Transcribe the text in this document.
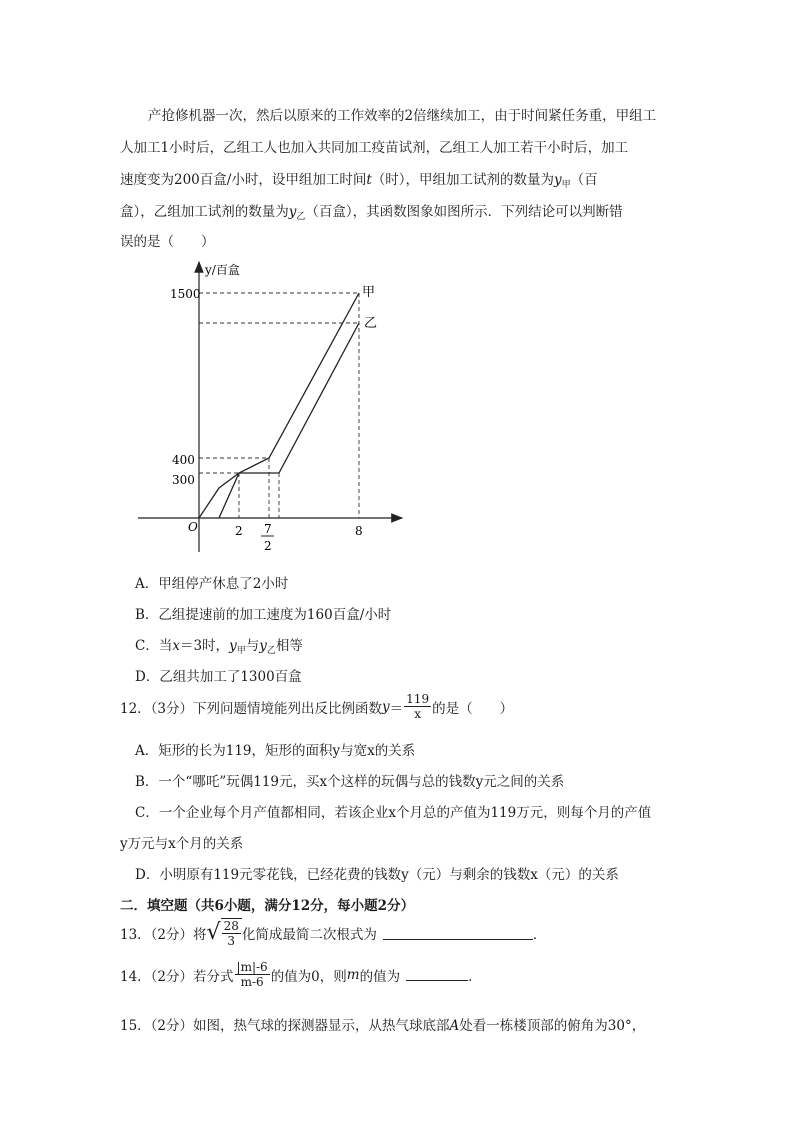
产抢修机器一次，然后以原来的工作效率的2倍继续加工，由于时间紧任务重，甲组工
人加工1小时后，乙组工人也加入共同加工疫苗试剂，乙组工人加工若干小时后，加工
速度变为200百盒/小时，设甲组加工时间t（时），甲组加工试剂的数量为$y_甲$（百
盒），乙组加工试剂的数量为$y_乙$（百盒），其函数图象如图所示．下列结论可以判断错
误的是（　　）
y/百盒
O
1500
400
300
2 7
2
8
甲
乙
A．甲组停产休息了2小时
B．乙组提速前的加工速度为160百盒/小时
C．当x＝3时，$y_甲$与$y_乙$相等
D．乙组共加工了1300百盒
12．（3分）下列问题情境能列出反比例函数 $y = \frac{119}{x}$ 的是（　　）
A．矩形的长为119，矩形的面积y与宽x的关系
B．一个“哪吒”玩偶119元，买x个这样的玩偶与总的钱数y元之间的关系
C．一个企业每个月产值都相同，若该企业x个月总的产值为119万元，则每个月的产值
y万元与x个月的关系
D．小明原有119元零花钱，已经花费的钱数y（元）与剩余的钱数x（元）的关系
二．填空题（共6小题，满分12分，每小题2分）
13．（2分）将 √ $\frac{28}{3}$ 化简成最简二次根式为	．
14．（2分）若分式 $\frac{|m|-6}{m-6}$ 的值为0，则 m 的值为	．
15．（2分）如图，热气球的探测器显示，从热气球底部A处看一栋楼顶部的俯角为30°，
